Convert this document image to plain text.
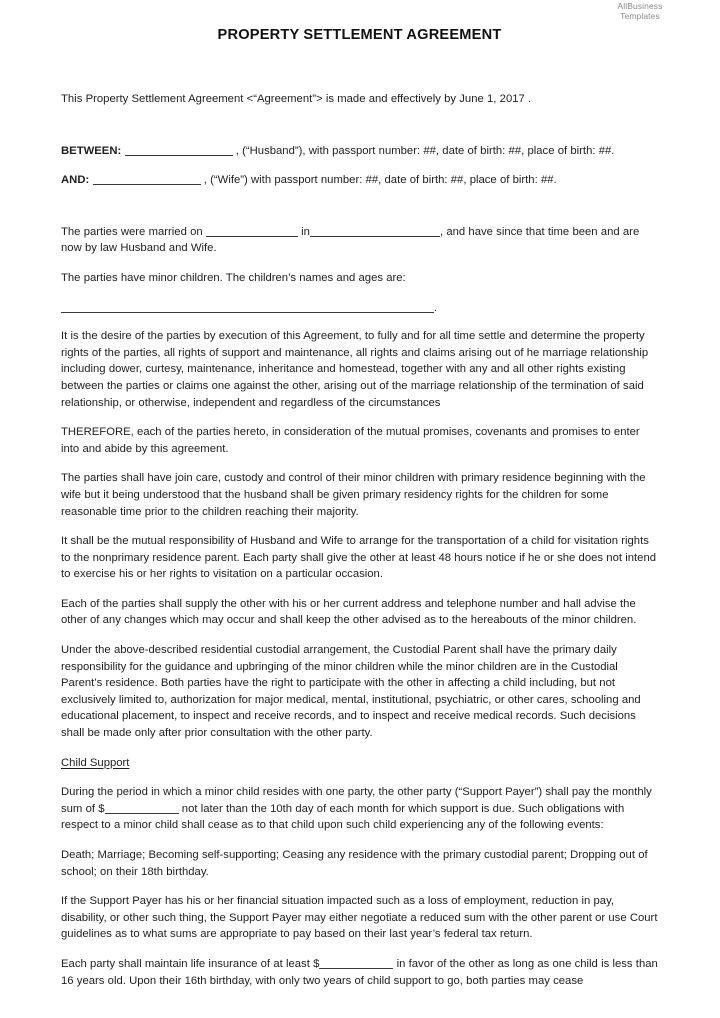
AllBusiness
Templates
PROPERTY SETTLEMENT AGREEMENT

This Property Settlement Agreement <“Agreement”> is made and effectively by June 1, 2017 .

BETWEEN:	, (“Husband”), with passport number: ##, date of birth: ##, place of birth: ##.

AND:	, (“Wife”) with passport number: ##, date of birth: ##, place of birth: ##.

The parties were married on	in	, and have since that time been and are now by law Husband and Wife.

The parties have minor children. The children’s names and ages are:

.

It is the desire of the parties by execution of this Agreement, to fully and for all time settle and determine the property rights of the parties, all rights of support and maintenance, all rights and claims arising out of he marriage relationship including dower, curtesy, maintenance, inheritance and homestead, together with any and all other rights existing between the parties or claims one against the other, arising out of the marriage relationship of the termination of said relationship, or otherwise, independent and regardless of the circumstances

THEREFORE, each of the parties hereto, in consideration of the mutual promises, covenants and promises to enter into and abide by this agreement.

The parties shall have join care, custody and control of their minor children with primary residence beginning with the wife but it being understood that the husband shall be given primary residency rights for the children for some reasonable time prior to the children reaching their majority.

It shall be the mutual responsibility of Husband and Wife to arrange for the transportation of a child for visitation rights to the nonprimary residence parent. Each party shall give the other at least 48 hours notice if he or she does not intend to exercise his or her rights to visitation on a particular occasion.

Each of the parties shall supply the other with his or her current address and telephone number and hall advise the other of any changes which may occur and shall keep the other advised as to the hereabouts of the minor children.

Under the above-described residential custodial arrangement, the Custodial Parent shall have the primary daily responsibility for the guidance and upbringing of the minor children while the minor children are in the Custodial Parent’s residence. Both parties have the right to participate with the other in affecting a child including, but not exclusively limited to, authorization for major medical, mental, institutional, psychiatric, or other cares, schooling and educational placement, to inspect and receive records, and to inspect and receive medical records. Such decisions shall be made only after prior consultation with the other party.

Child Support

During the period in which a minor child resides with one party, the other party (“Support Payer”) shall pay the monthly sum of $	not later than the 10th day of each month for which support is due. Such obligations with respect to a minor child shall cease as to that child upon such child experiencing any of the following events:

Death; Marriage; Becoming self-supporting; Ceasing any residence with the primary custodial parent; Dropping out of school; on their 18th birthday.

If the Support Payer has his or her financial situation impacted such as a loss of employment, reduction in pay, disability, or other such thing, the Support Payer may either negotiate a reduced sum with the other parent or use Court guidelines as to what sums are appropriate to pay based on their last year’s federal tax return.

Each party shall maintain life insurance of at least $	in favor of the other as long as one child is less than 16 years old. Upon their 16th birthday, with only two years of child support to go, both parties may cease
